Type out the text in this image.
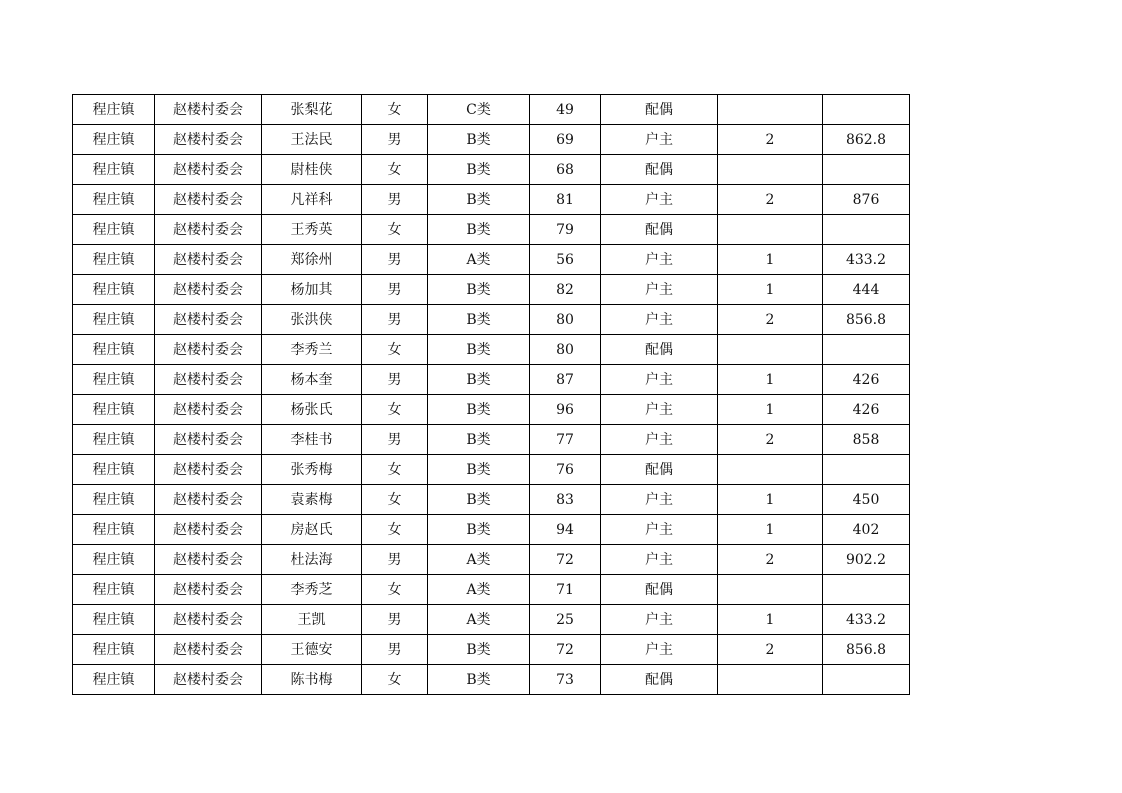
程庄镇	赵楼村委会	张梨花	女	C类	49	配偶		
程庄镇	赵楼村委会	王法民	男	B类	69	户主	2	862.8
程庄镇	赵楼村委会	尉桂侠	女	B类	68	配偶		
程庄镇	赵楼村委会	凡祥科	男	B类	81	户主	2	876
程庄镇	赵楼村委会	王秀英	女	B类	79	配偶		
程庄镇	赵楼村委会	郑徐州	男	A类	56	户主	1	433.2
程庄镇	赵楼村委会	杨加其	男	B类	82	户主	1	444
程庄镇	赵楼村委会	张洪侠	男	B类	80	户主	2	856.8
程庄镇	赵楼村委会	李秀兰	女	B类	80	配偶		
程庄镇	赵楼村委会	杨本奎	男	B类	87	户主	1	426
程庄镇	赵楼村委会	杨张氏	女	B类	96	户主	1	426
程庄镇	赵楼村委会	李桂书	男	B类	77	户主	2	858
程庄镇	赵楼村委会	张秀梅	女	B类	76	配偶		
程庄镇	赵楼村委会	袁素梅	女	B类	83	户主	1	450
程庄镇	赵楼村委会	房赵氏	女	B类	94	户主	1	402
程庄镇	赵楼村委会	杜法海	男	A类	72	户主	2	902.2
程庄镇	赵楼村委会	李秀芝	女	A类	71	配偶		
程庄镇	赵楼村委会	王凯	男	A类	25	户主	1	433.2
程庄镇	赵楼村委会	王德安	男	B类	72	户主	2	856.8
程庄镇	赵楼村委会	陈书梅	女	B类	73	配偶		
